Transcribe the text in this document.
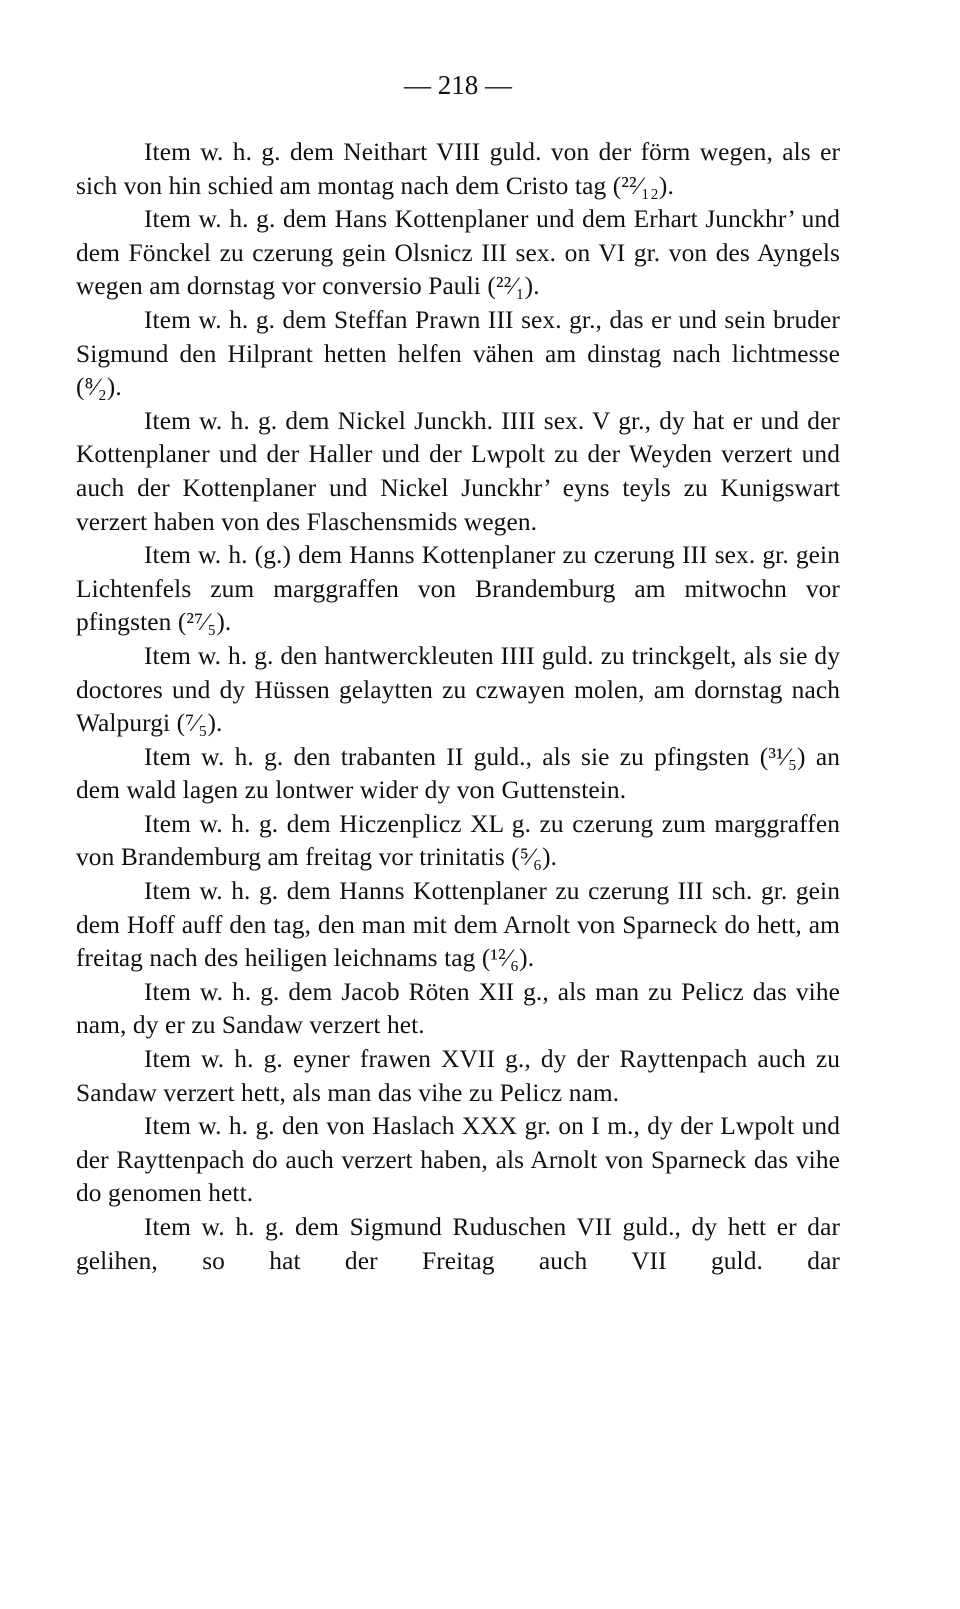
— 218 —

Item w. h. g. dem Neithart VIII guld. von der förm wegen, als er sich von hin schied am montag nach dem Cristo tag (²²⁄₁₂).

Item w. h. g. dem Hans Kottenplaner und dem Erhart Junckhr’ und dem Fönckel zu czerung gein Olsnicz III sex. on VI gr. von des Ayngels wegen am dornstag vor conversio Pauli (²²⁄₁).

Item w. h. g. dem Steffan Prawn III sex. gr., das er und sein bruder Sigmund den Hilprant hetten helfen vähen am dinstag nach lichtmesse (⁸⁄₂).

Item w. h. g. dem Nickel Junckh. IIII sex. V gr., dy hat er und der Kottenplaner und der Haller und der Lwpolt zu der Weyden verzert und auch der Kottenplaner und Nickel Junckhr’ eyns teyls zu Kunigswart verzert haben von des Flaschensmids wegen.

Item w. h. (g.) dem Hanns Kottenplaner zu czerung III sex. gr. gein Lichtenfels zum marggraffen von Brandemburg am mitwochn vor pfingsten (²⁷⁄₅).

Item w. h. g. den hantwercklеuten IIII guld. zu trinckgelt, als sie dy doctores und dy Hüssen gelaytten zu czwayen molen, am dornstag nach Walpurgi (⁷⁄₅).

Item w. h. g. den trabanten II guld., als sie zu pfingsten (³¹⁄₅) an dem wald lagen zu lontwer wider dy von Guttenstein.

Item w. h. g. dem Hiczenplicz XL g. zu czerung zum marggraffen von Brandemburg am freitag vor trinitatis (⁵⁄₆).

Item w. h. g. dem Hanns Kottenplaner zu czerung III sch. gr. gein dem Hoff auff den tag, den man mit dem Arnolt von Sparneck do hett, am freitag nach des heiligen leichnams tag (¹²⁄₆).

Item w. h. g. dem Jacob Röten XII g., als man zu Pelicz das vihe nam, dy er zu Sandaw verzert het.

Item w. h. g. eyner frawen XVII g., dy der Rayttenpach auch zu Sandaw verzert hett, als man das vihe zu Pelicz nam.

Item w. h. g. den von Haslach XXX gr. on I m., dy der Lwpolt und der Rayttenpach do auch verzert haben, als Arnolt von Sparneck das vihe do genomen hett.

Item w. h. g. dem Sigmund Ruduschen VII guld., dy hett er dar gelihen, so hat der Freitag auch VII guld. dar
